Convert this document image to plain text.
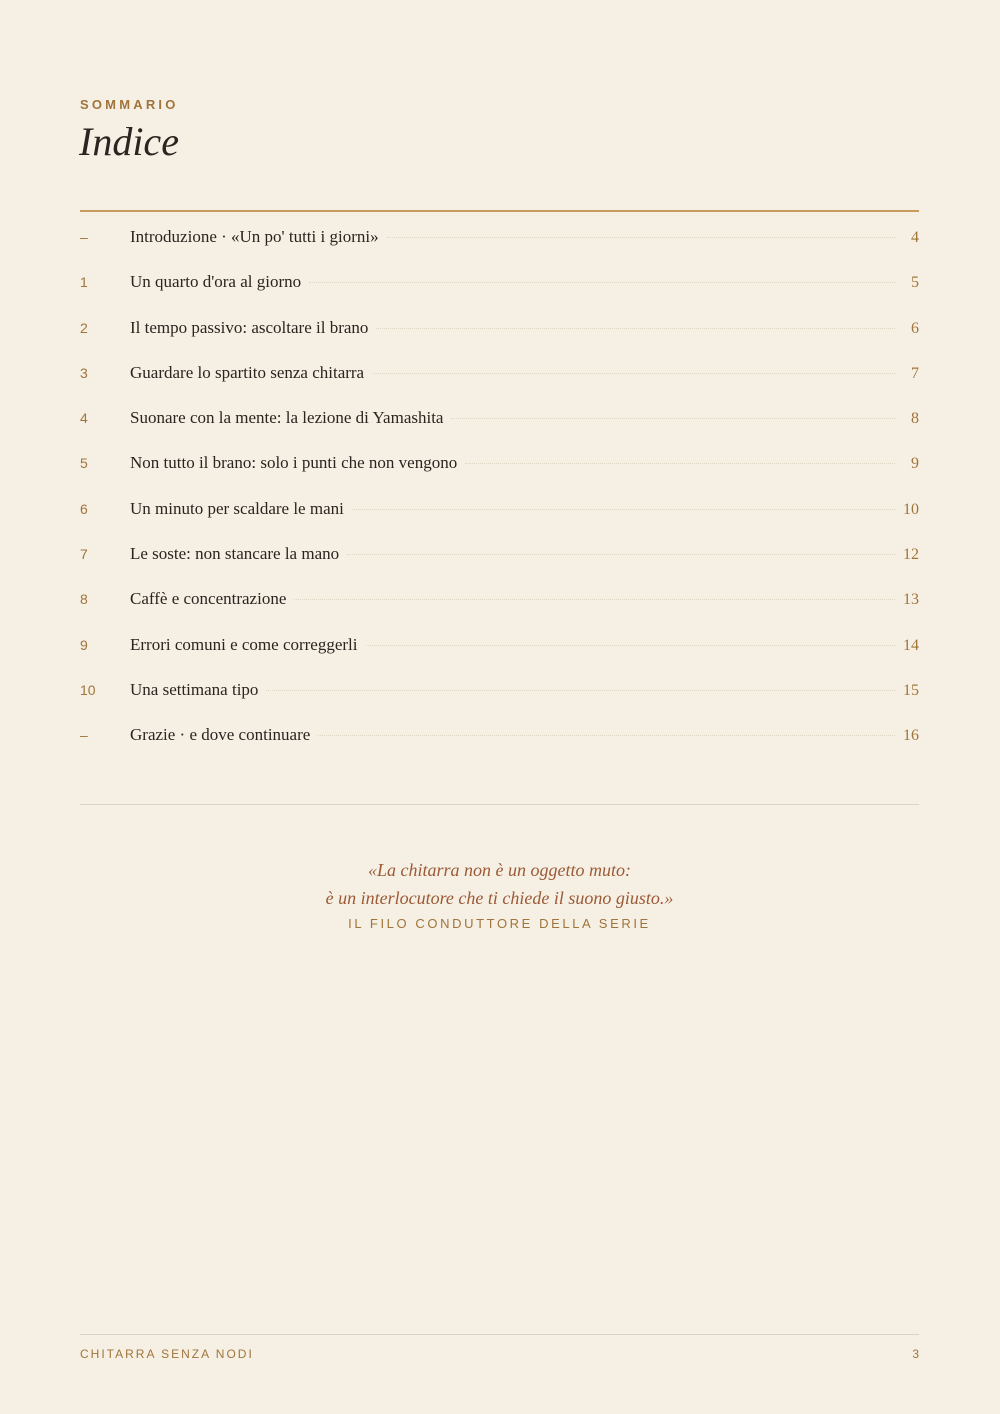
SOMMARIO
Indice
–	Introduzione · «Un po' tutti i giorni»	4
1	Un quarto d'ora al giorno	5
2	Il tempo passivo: ascoltare il brano	6
3	Guardare lo spartito senza chitarra	7
4	Suonare con la mente: la lezione di Yamashita	8
5	Non tutto il brano: solo i punti che non vengono	9
6	Un minuto per scaldare le mani	10
7	Le soste: non stancare la mano	12
8	Caffè e concentrazione	13
9	Errori comuni e come correggerli	14
10	Una settimana tipo	15
–	Grazie · e dove continuare	16
«La chitarra non è un oggetto muto:
è un interlocutore che ti chiede il suono giusto.»
IL FILO CONDUTTORE DELLA SERIE
CHITARRA SENZA NODI	3
